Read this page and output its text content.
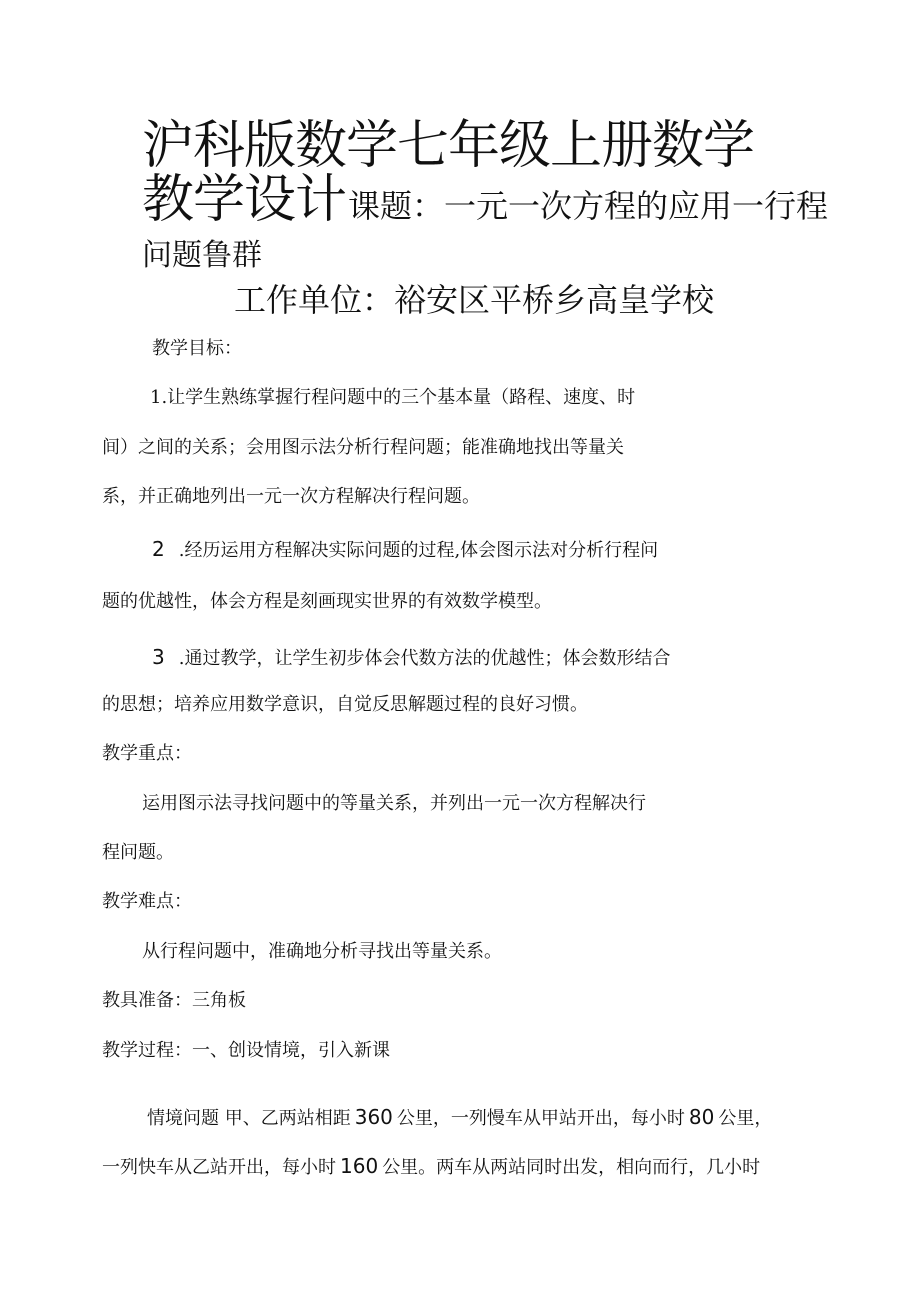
沪科版数学七年级上册数学
教学设计课题：一元一次方程的应用一行程
问题鲁群
工作单位：裕安区平桥乡高皇学校
教学目标：
1.让学生熟练掌握行程问题中的三个基本量（路程、速度、时
间）之间的关系；会用图示法分析行程问题；能准确地找出等量关
系，并正确地列出一元一次方程解决行程问题。
2 .经历运用方程解决实际问题的过程,体会图示法对分析行程问
题的优越性，体会方程是刻画现实世界的有效数学模型。
3 .通过教学，让学生初步体会代数方法的优越性；体会数形结合
的思想；培养应用数学意识，自觉反思解题过程的良好习惯。
教学重点：
运用图示法寻找问题中的等量关系，并列出一元一次方程解决行
程问题。
教学难点：
从行程问题中，准确地分析寻找出等量关系。
教具准备：三角板
教学过程：一、创设情境，引入新课
情境问题 甲、乙两站相距 360 公里，一列慢车从甲站开出，每小时 80 公里，
一列快车从乙站开出，每小时 160 公里。两车从两站同时出发，相向而行，几小时
